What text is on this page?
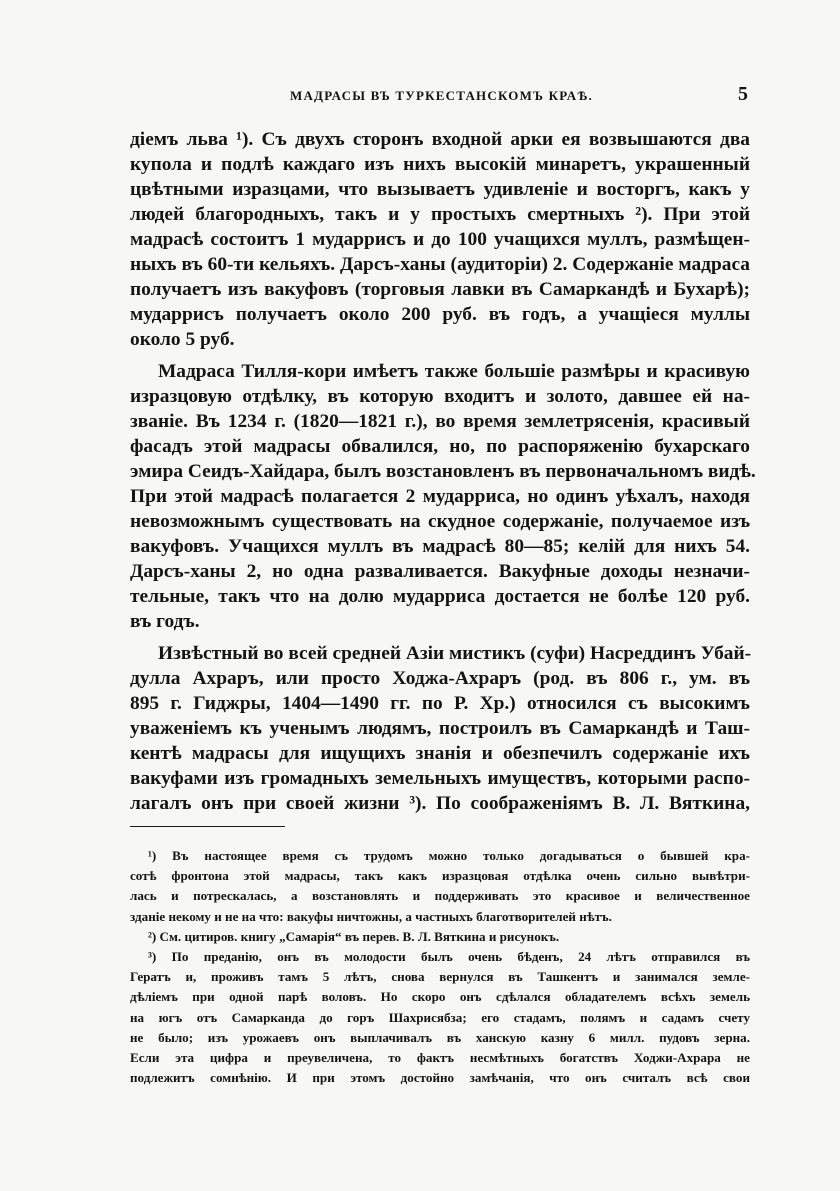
МАДРАСЫ ВЪ ТУРКЕСТАНСКОМЪ КРАѢ.	5
діемъ льва ¹). Съ двухъ сторонъ входной арки ея возвышаются два
купола и подлѣ каждаго изъ нихъ высокій минаретъ, украшенный
цвѣтными изразцами, что вызываетъ удивленіе и восторгъ, какъ у
людей благородныхъ, такъ и у простыхъ смертныхъ ²). При этой
мадрасѣ состоитъ 1 мударрисъ и до 100 учащихся муллъ, размѣщен-
ныхъ въ 60-ти кельяхъ. Дарсъ-ханы (аудиторіи) 2. Содержаніе мадраса
получаетъ изъ вакуфовъ (торговыя лавки въ Самаркандѣ и Бухарѣ);
мударрисъ получаетъ около 200 руб. въ годъ, а учащіеся муллы
около 5 руб.
Мадраса Тилля-кори имѣетъ также большіе размѣры и красивую
изразцовую отдѣлку, въ которую входитъ и золото, давшее ей на-
званіе. Въ 1234 г. (1820—1821 г.), во время землетрясенія, красивый
фасадъ этой мадрасы обвалился, но, по распоряженію бухарскаго
эмира Сеидъ-Хайдара, былъ возстановленъ въ первоначальномъ видѣ.
При этой мадрасѣ полагается 2 мударриса, но одинъ уѣхалъ, находя
невозможнымъ существовать на скудное содержаніе, получаемое изъ
вакуфовъ. Учащихся муллъ въ мадрасѣ 80—85; келій для нихъ 54.
Дарсъ-ханы 2, но одна разваливается. Вакуфные доходы незначи-
тельные, такъ что на долю мударриса достается не болѣе 120 руб.
въ годъ.
Извѣстный во всей средней Азіи мистикъ (суфи) Насреддинъ Убай-
дулла Ахраръ, или просто Ходжа-Ахраръ (род. въ 806 г., ум. въ
895 г. Гиджры, 1404—1490 гг. по Р. Хр.) относился съ высокимъ
уваженіемъ къ ученымъ людямъ, построилъ въ Самаркандѣ и Таш-
кентѣ мадрасы для ищущихъ знанія и обезпечилъ содержаніе ихъ
вакуфами изъ громадныхъ земельныхъ имуществъ, которыми распо-
лагалъ онъ при своей жизни ³). По соображеніямъ В. Л. Вяткина,
¹) Въ настоящее время съ трудомъ можно только догадываться о бывшей кра-
сотѣ фронтона этой мадрасы, такъ какъ изразцовая отдѣлка очень сильно вывѣтри-
лась и потрескалась, а возстановлять и поддерживать это красивое и величественное
зданіе некому и не на что: вакуфы ничтожны, а частныхъ благотворителей нѣтъ.
²) См. цитиров. книгу „Самарія“ въ перев. В. Л. Вяткина и рисунокъ.
³) По преданію, онъ въ молодости былъ очень бѣденъ, 24 лѣтъ отправился въ
Гератъ и, проживъ тамъ 5 лѣтъ, снова вернулся въ Ташкентъ и занимался земле-
дѣліемъ при одной парѣ воловъ. Но скоро онъ сдѣлался обладателемъ всѣхъ земель
на югъ отъ Самарканда до горъ Шахрисябза; его стадамъ, полямъ и садамъ счету
не было; изъ урожаевъ онъ выплачивалъ въ ханскую казну 6 милл. пудовъ зерна.
Если эта цифра и преувеличена, то фактъ несмѣтныхъ богатствъ Ходжи-Ахрара не
подлежитъ сомнѣнію. И при этомъ достойно замѣчанія, что онъ считалъ всѣ свои
